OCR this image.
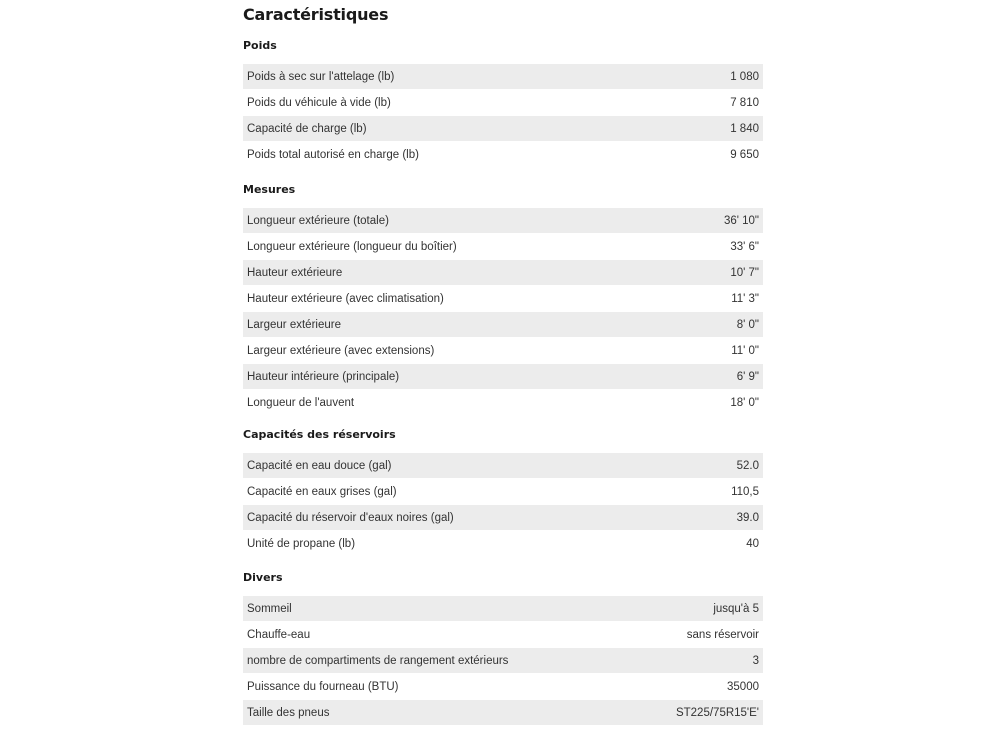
Caractéristiques
Poids
Poids à sec sur l'attelage (lb)	1 080
Poids du véhicule à vide (lb)	7 810
Capacité de charge (lb)	1 840
Poids total autorisé en charge (lb)	9 650
Mesures
Longueur extérieure (totale)	36' 10"
Longueur extérieure (longueur du boîtier)	33' 6"
Hauteur extérieure	10' 7"
Hauteur extérieure (avec climatisation)	11' 3"
Largeur extérieure	8' 0"
Largeur extérieure (avec extensions)	11' 0"
Hauteur intérieure (principale)	6' 9"
Longueur de l'auvent	18' 0"
Capacités des réservoirs
Capacité en eau douce (gal)	52.0
Capacité en eaux grises (gal)	110,5
Capacité du réservoir d'eaux noires (gal)	39.0
Unité de propane (lb)	40
Divers
Sommeil	jusqu'à 5
Chauffe-eau	sans réservoir
nombre de compartiments de rangement extérieurs	3
Puissance du fourneau (BTU)	35000
Taille des pneus	ST225/75R15'E'
